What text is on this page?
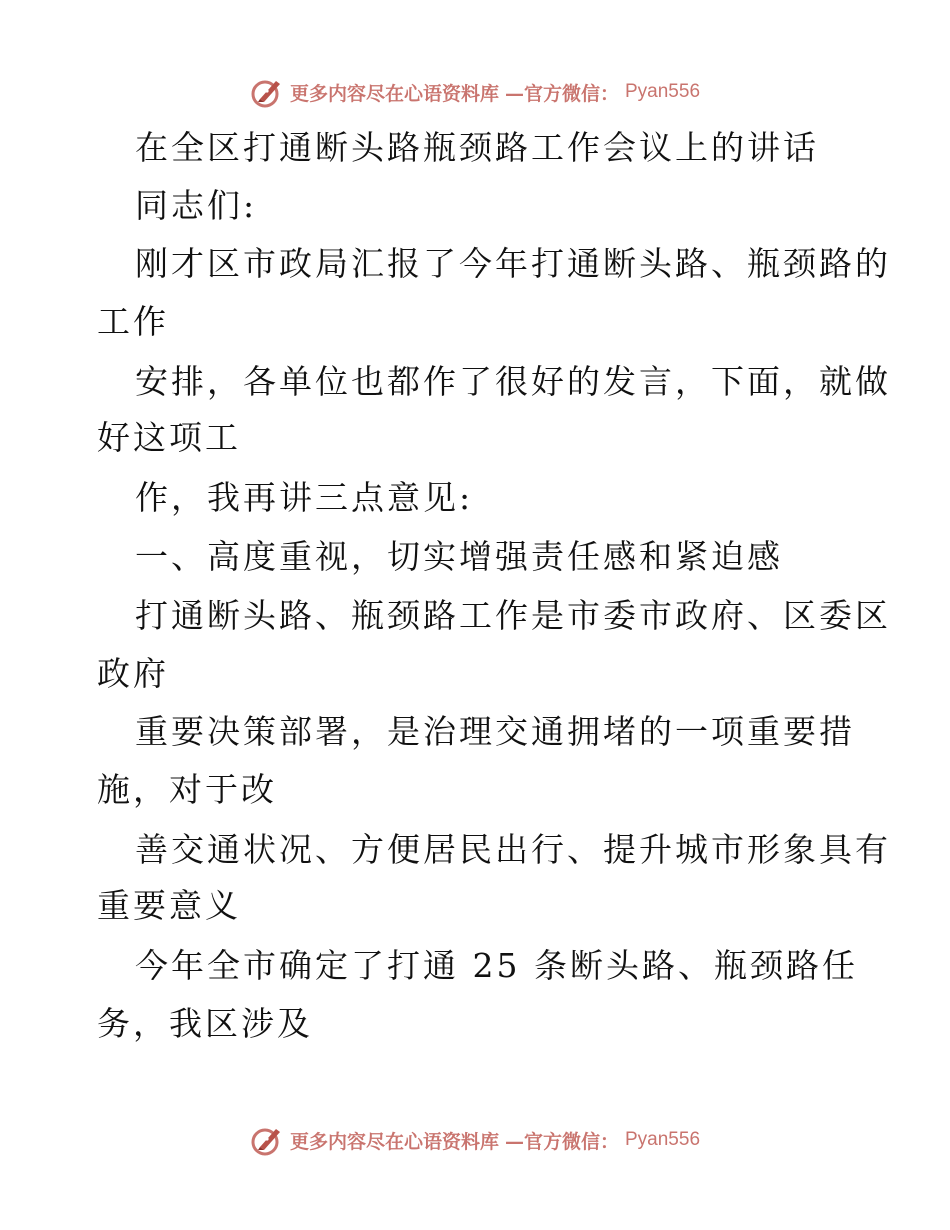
更多内容尽在心语资料库 —官方微信： Pyan556
在全区打通断头路瓶颈路工作会议上的讲话
同志们:
刚才区市政局汇报了今年打通断头路、瓶颈路的
工作
安排，各单位也都作了很好的发言，下面，就做
好这项工
作，我再讲三点意见:
一、高度重视，切实增强责任感和紧迫感
打通断头路、瓶颈路工作是市委市政府、区委区
政府
重要决策部署，是治理交通拥堵的一项重要措
施，对于改
善交通状况、方便居民出行、提升城市形象具有
重要意义
今年全市确定了打通 25 条断头路、瓶颈路任
务，我区涉及
更多内容尽在心语资料库 —官方微信： Pyan556
